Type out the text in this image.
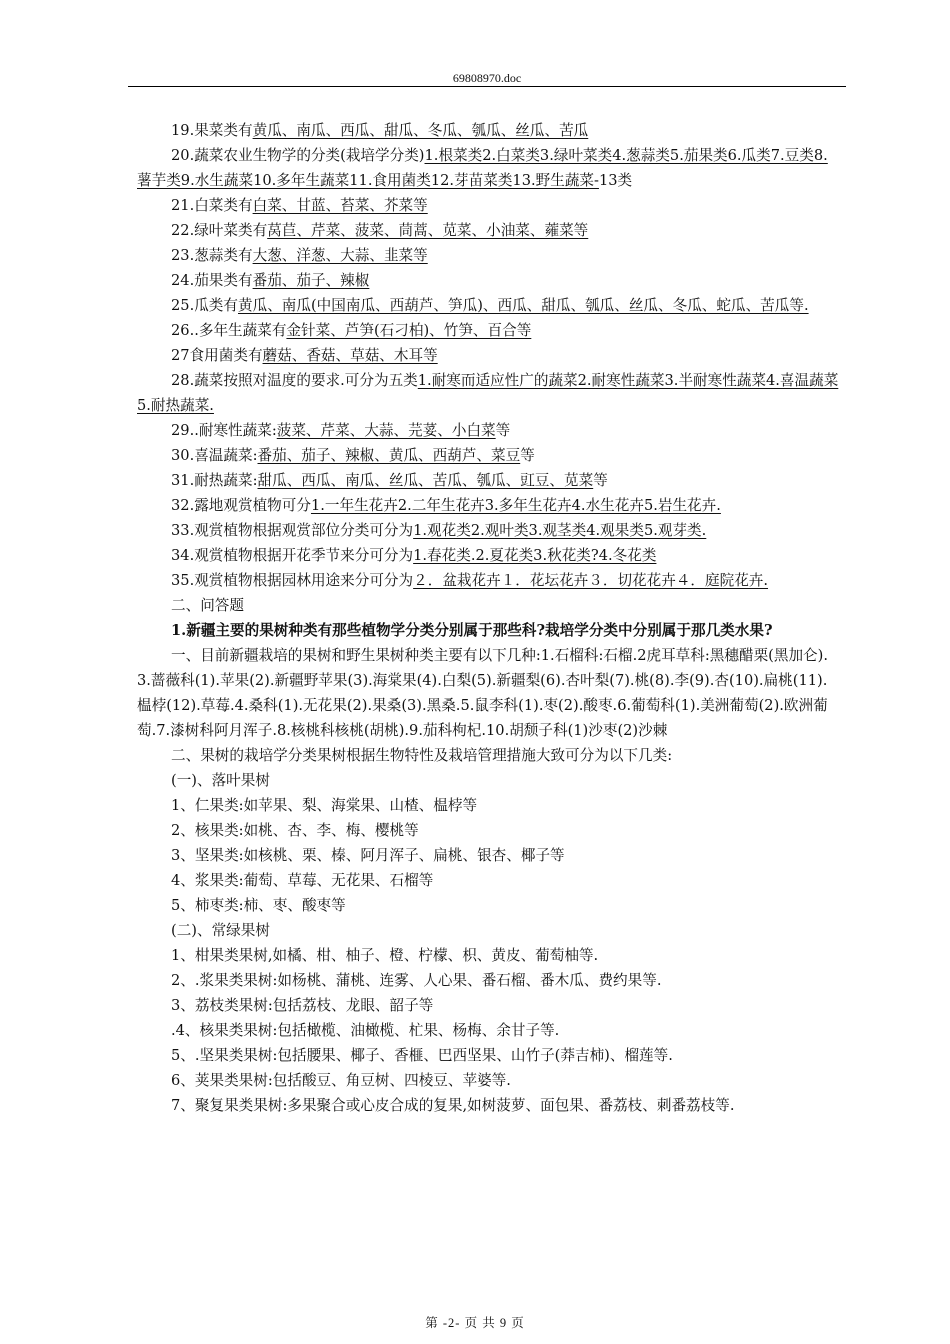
69808970.doc

19.果菜类有黄瓜、南瓜、西瓜、甜瓜、冬瓜、瓠瓜、丝瓜、苦瓜

20.蔬菜农业生物学的分类(栽培学分类)1.根菜类2.白菜类3.绿叶菜类4.葱蒜类5.茄果类6.瓜类7.豆类8.薯芋类9.水生蔬菜10.多年生蔬菜11.食用菌类12.芽苗菜类13.野生蔬菜-13类

21.白菜类有白菜、甘蓝、苔菜、芥菜等

22.绿叶菜类有莴苣、芹菜、菠菜、茼蒿、苋菜、小油菜、蕹菜等

23.葱蒜类有大葱、洋葱、大蒜、韭菜等

24.茄果类有番茄、茄子、辣椒

25.瓜类有黄瓜、南瓜(中国南瓜、西葫芦、笋瓜)、西瓜、甜瓜、瓠瓜、丝瓜、冬瓜、蛇瓜、苦瓜等.

26..多年生蔬菜有金针菜、芦笋(石刁柏)、竹笋、百合等

27食用菌类有蘑菇、香菇、草菇、木耳等

28.蔬菜按照对温度的要求.可分为五类1.耐寒而适应性广的蔬菜2.耐寒性蔬菜3.半耐寒性蔬菜4.喜温蔬菜5.耐热蔬菜.

29..耐寒性蔬菜:菠菜、芹菜、大蒜、芫荽、小白菜等

30.喜温蔬菜:番茄、茄子、辣椒、黄瓜、西葫芦、菜豆等

31.耐热蔬菜:甜瓜、西瓜、南瓜、丝瓜、苦瓜、瓠瓜、豇豆、苋菜等

32.露地观赏植物可分1.一年生花卉2.二年生花卉3.多年生花卉4.水生花卉5.岩生花卉.

33.观赏植物根据观赏部位分类可分为1.观花类2.观叶类3.观茎类4.观果类5.观芽类.

34.观赏植物根据开花季节来分可分为1.春花类.2.夏花类3.秋花类?4.冬花类

35.观赏植物根据园林用途来分可分为２．盆栽花卉１．花坛花卉３．切花花卉４．庭院花卉.

二、问答题

1.新疆主要的果树种类有那些植物学分类分别属于那些科?栽培学分类中分别属于那几类水果?

一、目前新疆栽培的果树和野生果树种类主要有以下几种:1.石榴科:石榴.2虎耳草科:黑穗醋栗(黑加仑).3.蔷薇科(1).苹果(2).新疆野苹果(3).海棠果(4).白梨(5).新疆梨(6).杏叶梨(7).桃(8).李(9).杏(10).扁桃(11).榅桲(12).草莓.4.桑科(1).无花果(2).果桑(3).黑桑.5.鼠李科(1).枣(2).酸枣.6.葡萄科(1).美洲葡萄(2).欧洲葡萄.7.漆树科阿月浑子.8.核桃科核桃(胡桃).9.茄科枸杞.10.胡颓子科(1)沙枣(2)沙棘

二、果树的栽培学分类果树根据生物特性及栽培管理措施大致可分为以下几类:

(一)、落叶果树

1、仁果类:如苹果、梨、海棠果、山楂、榅桲等

2、核果类:如桃、杏、李、梅、樱桃等

3、坚果类:如核桃、栗、榛、阿月浑子、扁桃、银杏、椰子等

4、浆果类:葡萄、草莓、无花果、石榴等

5、柿枣类:柿、枣、酸枣等

(二)、常绿果树

1、柑果类果树,如橘、柑、柚子、橙、柠檬、枳、黄皮、葡萄柚等.

2、.浆果类果树:如杨桃、蒲桃、连雾、人心果、番石榴、番木瓜、费约果等.

3、荔枝类果树:包括荔枝、龙眼、韶子等

.4、核果类果树:包括橄榄、油橄榄、杧果、杨梅、余甘子等.

5、.坚果类果树:包括腰果、椰子、香榧、巴西坚果、山竹子(莽吉柿)、榴莲等.

6、荚果类果树:包括酸豆、角豆树、四棱豆、苹婆等.

7、聚复果类果树:多果聚合或心皮合成的复果,如树菠萝、面包果、番荔枝、刺番荔枝等.

第 -2- 页 共 9 页
